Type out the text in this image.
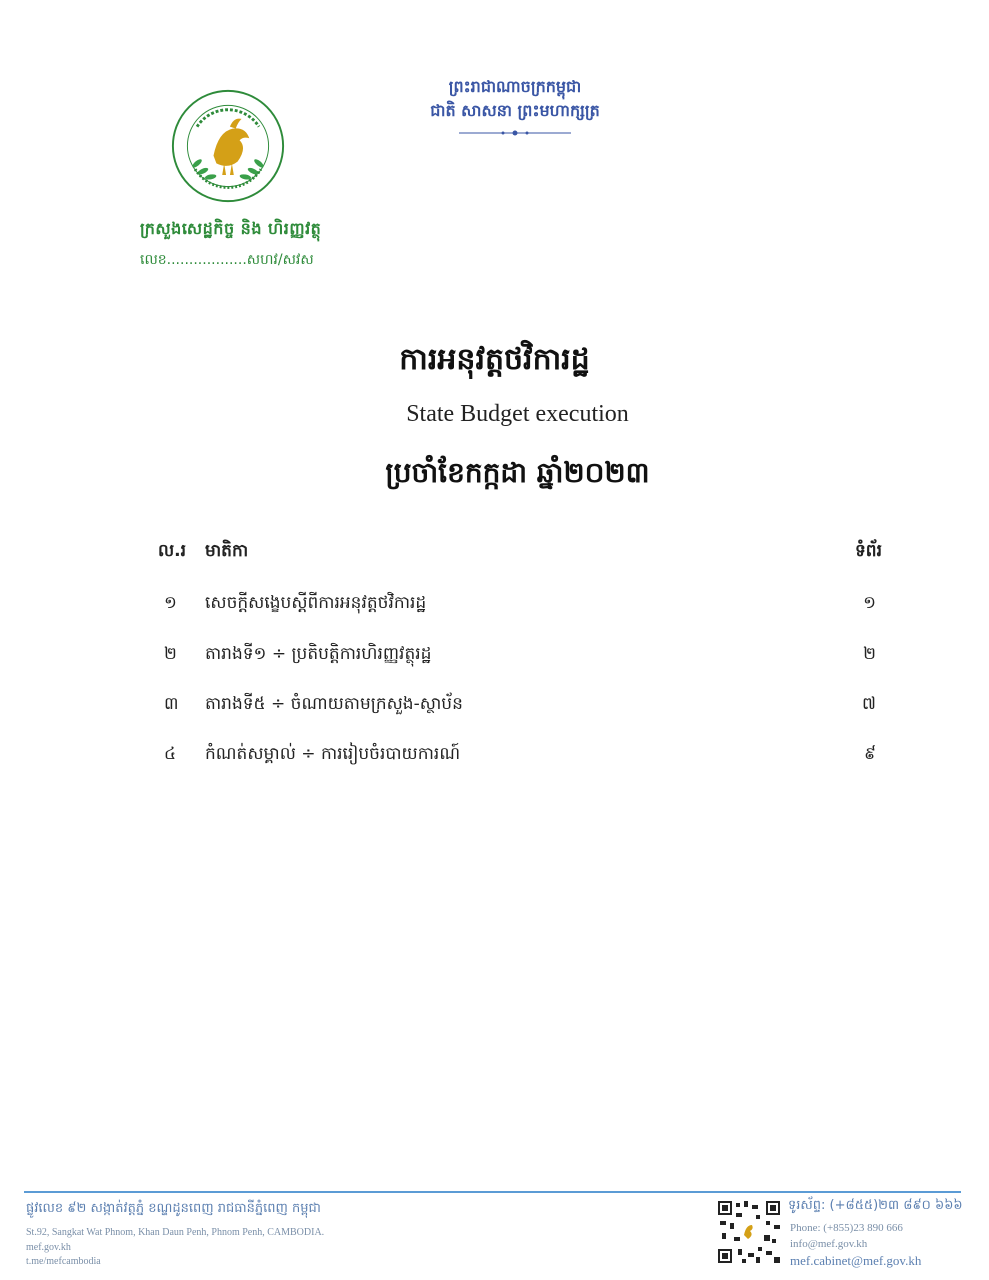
ក្រសួងសេដ្ឋកិច្ច និង ហិរញ្ញវត្ថុ
លេខ..................សហវ/សវស
ព្រះរាជាណាចក្រកម្ពុជា
ជាតិ សាសនា ព្រះមហាក្សត្រ
ការអនុវត្តថវិការដ្ឋ
State Budget execution
ប្រចាំខែកក្កដា ឆ្នាំ២០២៣
ល.រ មាតិកា	ទំព័រ
១ សេចក្តីសង្ខេបស្តីពីការអនុវត្តថវិការដ្ឋ	១
២ តារាងទី១ ÷ ប្រតិបត្តិការហិរញ្ញវត្ថុរដ្ឋ	២
៣ តារាងទី៥ ÷ ចំណាយតាមក្រសួង-ស្ថាប័ន	៧
៤ កំណត់សម្គាល់ ÷ ការរៀបចំរបាយការណ៍	៩
ផ្លូវលេខ ៩២ សង្កាត់វត្តភ្នំ ខណ្ឌដូនពេញ រាជធានីភ្នំពេញ កម្ពុជា
St.92, Sangkat Wat Phnom, Khan Daun Penh, Phnom Penh, CAMBODIA.
mef.gov.kh
t.me/mefcambodia
ទូរស័ព្ទ: (+៨៥៥)២៣ ៨៩០ ៦៦៦
Phone: (+855)23 890 666
info@mef.gov.kh
mef.cabinet@mef.gov.kh
